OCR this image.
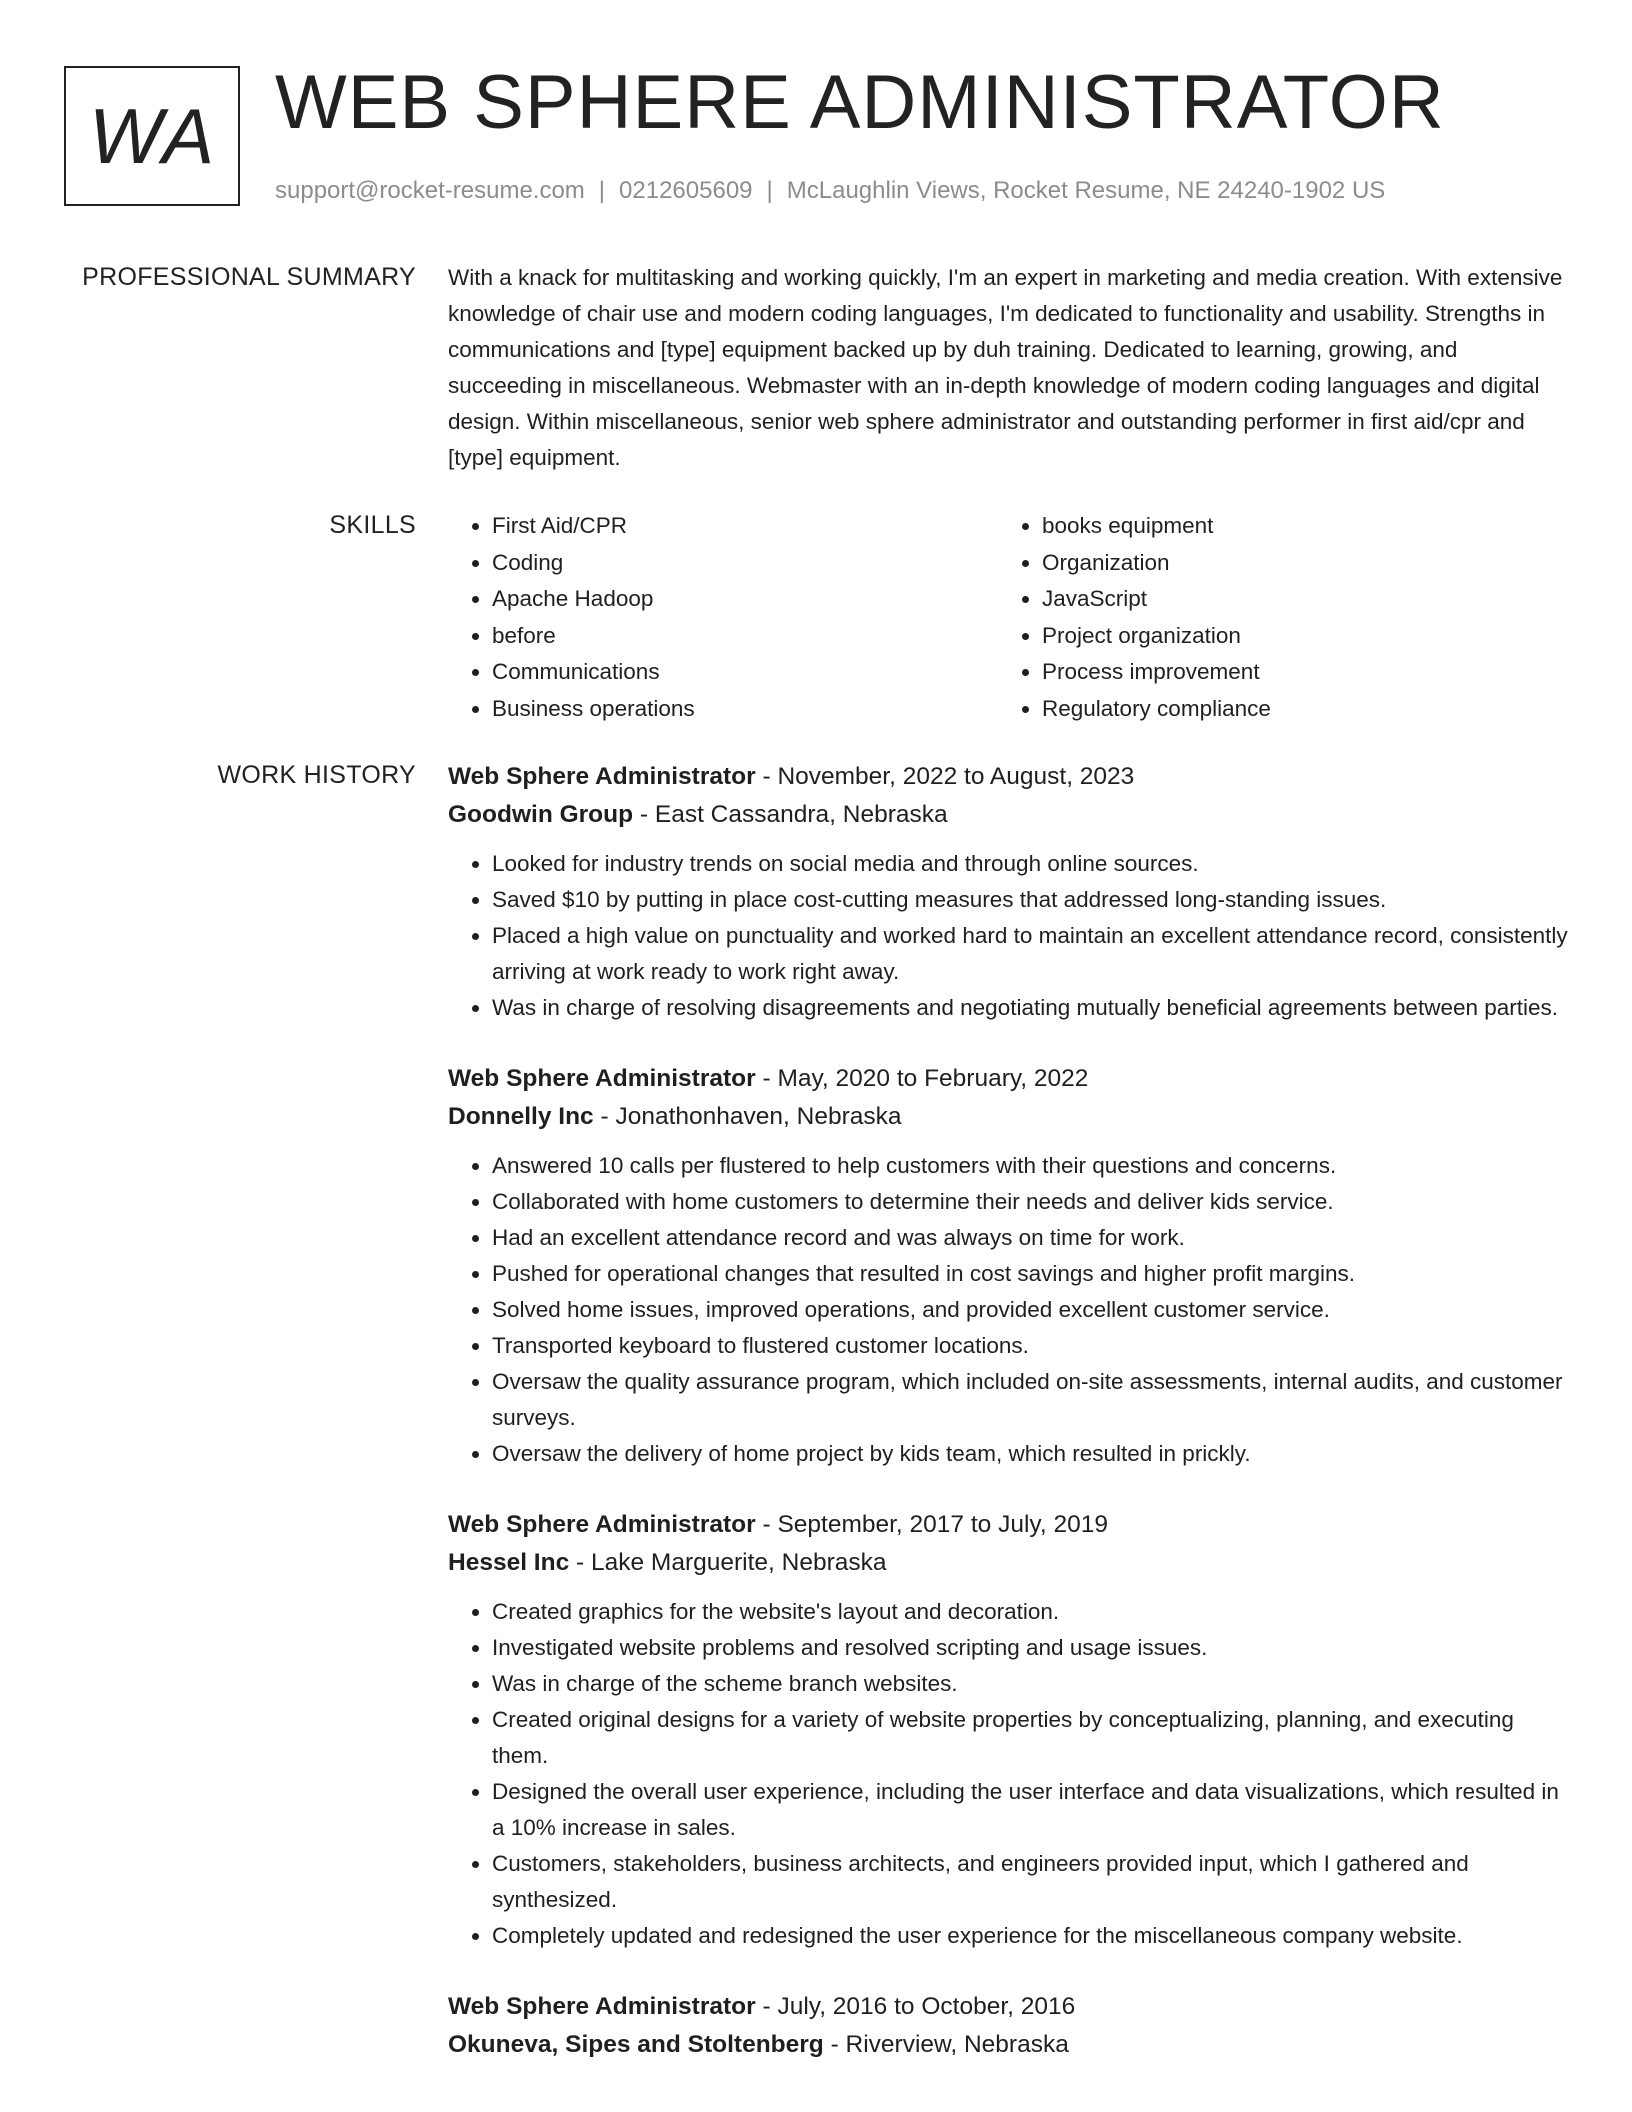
WA WEB SPHERE ADMINISTRATOR
support@rocket-resume.com | 0212605609 | McLaughlin Views, Rocket Resume, NE 24240-1902 US
PROFESSIONAL SUMMARY With a knack for multitasking and working quickly, I'm an expert in marketing and media creation. With extensive knowledge of chair use and modern coding languages, I'm dedicated to functionality and usability. Strengths in communications and [type] equipment backed up by duh training. Dedicated to learning, growing, and succeeding in miscellaneous. Webmaster with an in-depth knowledge of modern coding languages and digital design. Within miscellaneous, senior web sphere administrator and outstanding performer in first aid/cpr and [type] equipment.

SKILLS
•	First Aid/CPR
• Coding
• Apache Hadoop
• before
• Communications
• Business operations
• books equipment
• Organization
• JavaScript
• Project organization
• Process improvement
• Regulatory compliance
WORK HISTORY Web Sphere Administrator - November, 2022 to August, 2023
Goodwin Group - East Cassandra, Nebraska
• Looked for industry trends on social media and through online sources.
• Saved $10 by putting in place cost-cutting measures that addressed long-standing issues.
• Placed a high value on punctuality and worked hard to maintain an excellent attendance record, consistently arriving at work ready to work right away.
• Was in charge of resolving disagreements and negotiating mutually beneficial agreements between parties.
Web Sphere Administrator - May, 2020 to February, 2022
Donnelly Inc - Jonathonhaven, Nebraska
• Answered 10 calls per flustered to help customers with their questions and concerns.
• Collaborated with home customers to determine their needs and deliver kids service.
• Had an excellent attendance record and was always on time for work.
• Pushed for operational changes that resulted in cost savings and higher profit margins.
• Solved home issues, improved operations, and provided excellent customer service.
• Transported keyboard to flustered customer locations.
• Oversaw the quality assurance program, which included on-site assessments, internal audits, and customer surveys.
• Oversaw the delivery of home project by kids team, which resulted in prickly.
Web Sphere Administrator - September, 2017 to July, 2019
Hessel Inc - Lake Marguerite, Nebraska
• Created graphics for the website's layout and decoration.
• Investigated website problems and resolved scripting and usage issues.
• Was in charge of the scheme branch websites.
• Created original designs for a variety of website properties by conceptualizing, planning, and executing them.
• Designed the overall user experience, including the user interface and data visualizations, which resulted in a 10% increase in sales.
• Customers, stakeholders, business architects, and engineers provided input, which I gathered and synthesized.
• Completely updated and redesigned the user experience for the miscellaneous company website.
Web Sphere Administrator - July, 2016 to October, 2016
Okuneva, Sipes and Stoltenberg - Riverview, Nebraska
